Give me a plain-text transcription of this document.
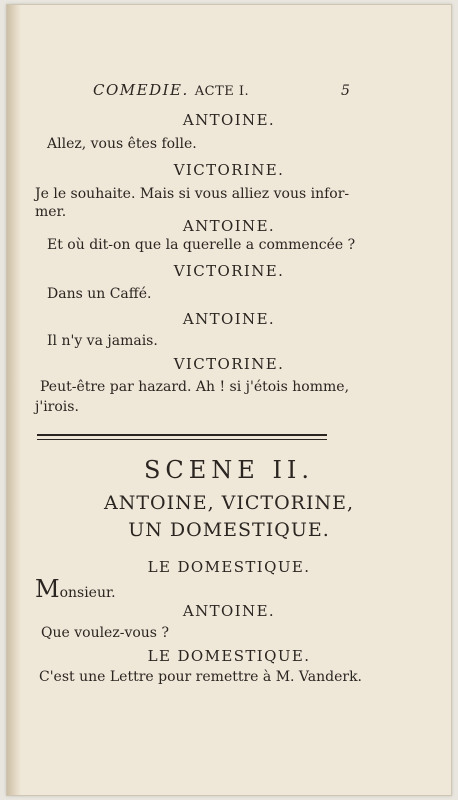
COMEDIE. ACTE I.	5
ANTOINE.
Allez, vous êtes folle.
VICTORINE.
Je le souhaite. Mais si vous alliez vous infor-
mer.
ANTOINE.
Et où dit-on que la querelle a commencée ?
VICTORINE.
Dans un Caffé.
ANTOINE.
Il n'y va jamais.
VICTORINE.
Peut-être par hazard. Ah ! si j'étois homme,
j'irois.
SCENE II.
ANTOINE, VICTORINE,
UN DOMESTIQUE.
LE DOMESTIQUE.
Monsieur.
ANTOINE.
Que voulez-vous ?
LE DOMESTIQUE.
C'est une Lettre pour remettre à M. Vanderk.
